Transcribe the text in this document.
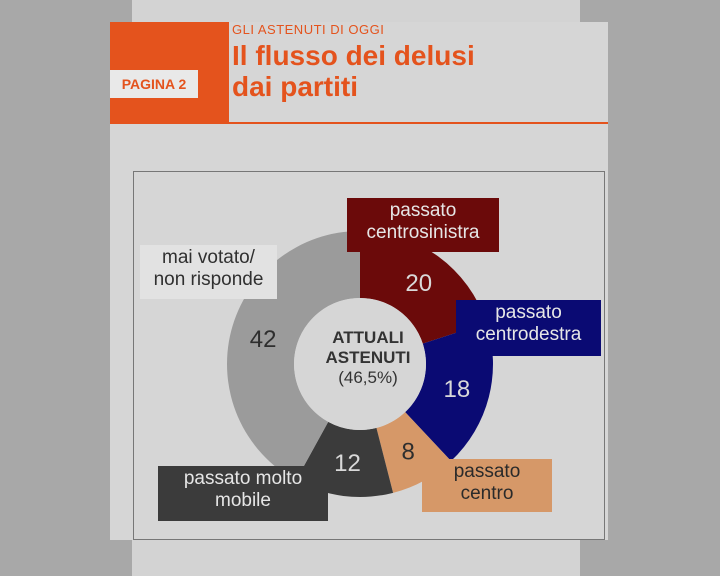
PAGINA 2
GLI ASTENUTI DI OGGI
Il flusso dei delusi
dai partiti
20
18
8
12
42
passato
centrosinistra
passato
centrodestra
passato
centro
passato molto
mobile
mai votato/
non risponde
ATTUALI
ASTENUTI
(46,5%)
